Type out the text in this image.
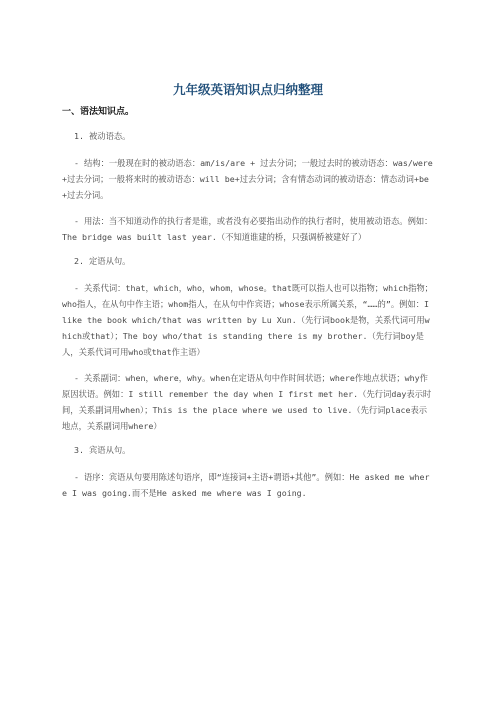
九年级英语知识点归纳整理
一、语法知识点。
1. 被动语态。
- 结构：一般现在时的被动语态：am/is/are + 过去分词；一般过去时的被动语态：was/were+过去分词；一般将来时的被动语态：will be+过去分词；含有情态动词的被动语态：情态动词+be +过去分词。
- 用法：当不知道动作的执行者是谁，或者没有必要指出动作的执行者时，使用被动语态。例如：The bridge was built last year.（不知道谁建的桥，只强调桥被建好了）
2. 定语从句。
- 关系代词：that，which，who，whom，whose。that既可以指人也可以指物；which指物；who指人，在从句中作主语；whom指人，在从句中作宾语；whose表示所属关系，“……的”。例如：I like the book which/that was written by Lu Xun.（先行词book是物，关系代词可用which或that）；The boy who/that is standing there is my brother.（先行词boy是人，关系代词可用who或that作主语）
- 关系副词：when，where，why。when在定语从句中作时间状语；where作地点状语；why作原因状语。例如：I still remember the day when I first met her.（先行词day表示时间，关系副词用when）；This is the place where we used to live.（先行词place表示地点，关系副词用where）
3. 宾语从句。
- 语序：宾语从句要用陈述句语序，即“连接词+主语+谓语+其他”。例如：He asked me where I was going.而不是He asked me where was I going.
